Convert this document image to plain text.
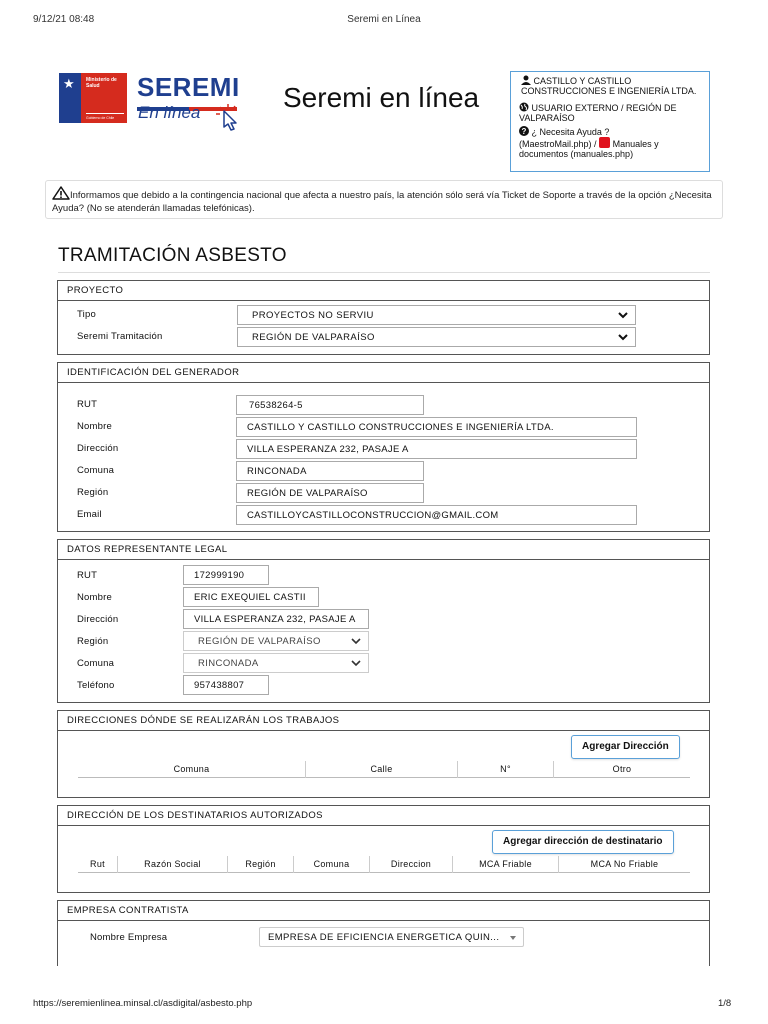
9/12/21 08:48	Seremi en Línea
★ Ministerio de Salud
Gobierno de Chile
SEREMI
En línea	Seremi en línea
CASTILLO Y CASTILLO CONSTRUCCIONES E INGENIERÍA LTDA.
USUARIO EXTERNO / REGIÓN DE VALPARAÍSO
? ¿ Necesita Ayuda ?
(MaestroMail.php) / Manuales y documentos (manuales.php)
Informamos que debido a la contingencia nacional que afecta a nuestro país, la atención sólo será vía Ticket de Soporte a través de la opción ¿Necesita Ayuda? (No se atenderán llamadas telefónicas).
TRAMITACIÓN ASBESTO
PROYECTO
Tipo	PROYECTOS NO SERVIU
Seremi Tramitación	REGIÓN DE VALPARAÍSO
IDENTIFICACIÓN DEL GENERADOR
RUT	76538264-5
Nombre	CASTILLO Y CASTILLO CONSTRUCCIONES E INGENIERÍA LTDA.
Dirección	VILLA ESPERANZA 232, PASAJE A
Comuna	RINCONADA
Región	REGIÓN DE VALPARAÍSO
Email	CASTILLOYCASTILLOCONSTRUCCION@GMAIL.COM
DATOS REPRESENTANTE LEGAL
RUT	172999190
Nombre	ERIC EXEQUIEL CASTII
Dirección	VILLA ESPERANZA 232, PASAJE A
Región	REGIÓN DE VALPARAÍSO
Comuna	RINCONADA
Teléfono	957438807
DIRECCIONES DÓNDE SE REALIZARÁN LOS TRABAJOS
Agregar Dirección
Comuna	Calle	N°	Otro
DIRECCIÓN DE LOS DESTINATARIOS AUTORIZADOS
Agregar dirección de destinatario
Rut	Razón Social	Región	Comuna	Direccion	MCA Friable	MCA No Friable
EMPRESA CONTRATISTA
Nombre Empresa	EMPRESA DE EFICIENCIA ENERGETICA QUIN...
https://seremienlinea.minsal.cl/asdigital/asbesto.php	1/8
